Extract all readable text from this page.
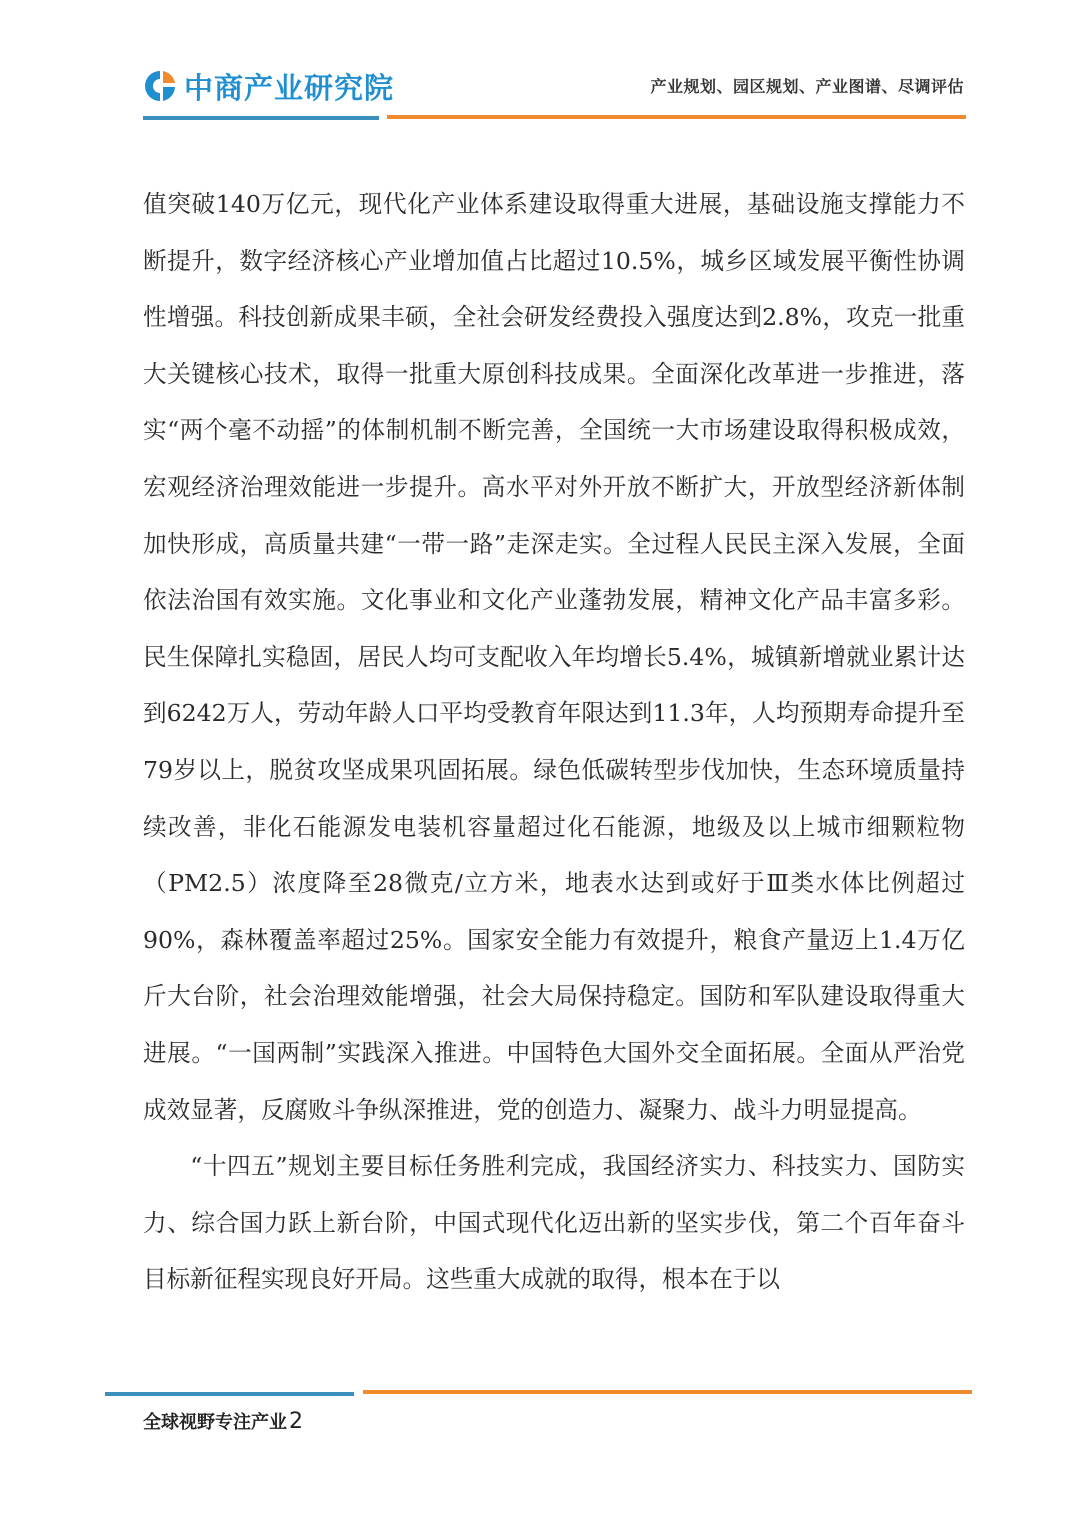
中商产业研究院	产业规划、园区规划、产业图谱、尽调评估

值突破140万亿元，现代化产业体系建设取得重大进展，基础设施支撑能力不断提升，数字经济核心产业增加值占比超过10.5%，城乡区域发展平衡性协调性增强。科技创新成果丰硕，全社会研发经费投入强度达到2.8%，攻克一批重大关键核心技术，取得一批重大原创科技成果。全面深化改革进一步推进，落实“两个毫不动摇”的体制机制不断完善，全国统一大市场建设取得积极成效，宏观经济治理效能进一步提升。高水平对外开放不断扩大，开放型经济新体制加快形成，高质量共建“一带一路”走深走实。全过程人民民主深入发展，全面依法治国有效实施。文化事业和文化产业蓬勃发展，精神文化产品丰富多彩。民生保障扎实稳固，居民人均可支配收入年均增长5.4%，城镇新增就业累计达到6242万人，劳动年龄人口平均受教育年限达到11.3年，人均预期寿命提升至79岁以上，脱贫攻坚成果巩固拓展。绿色低碳转型步伐加快，生态环境质量持续改善，非化石能源发电装机容量超过化石能源，地级及以上城市细颗粒物（PM2.5）浓度降至28微克/立方米，地表水达到或好于Ⅲ类水体比例超过90%，森林覆盖率超过25%。国家安全能力有效提升，粮食产量迈上1.4万亿斤大台阶，社会治理效能增强，社会大局保持稳定。国防和军队建设取得重大进展。“一国两制”实践深入推进。中国特色大国外交全面拓展。全面从严治党成效显著，反腐败斗争纵深推进，党的创造力、凝聚力、战斗力明显提高。

“十四五”规划主要目标任务胜利完成，我国经济实力、科技实力、国防实力、综合国力跃上新台阶，中国式现代化迈出新的坚实步伐，第二个百年奋斗目标新征程实现良好开局。这些重大成就的取得，根本在于以

全球视野专注产业2
